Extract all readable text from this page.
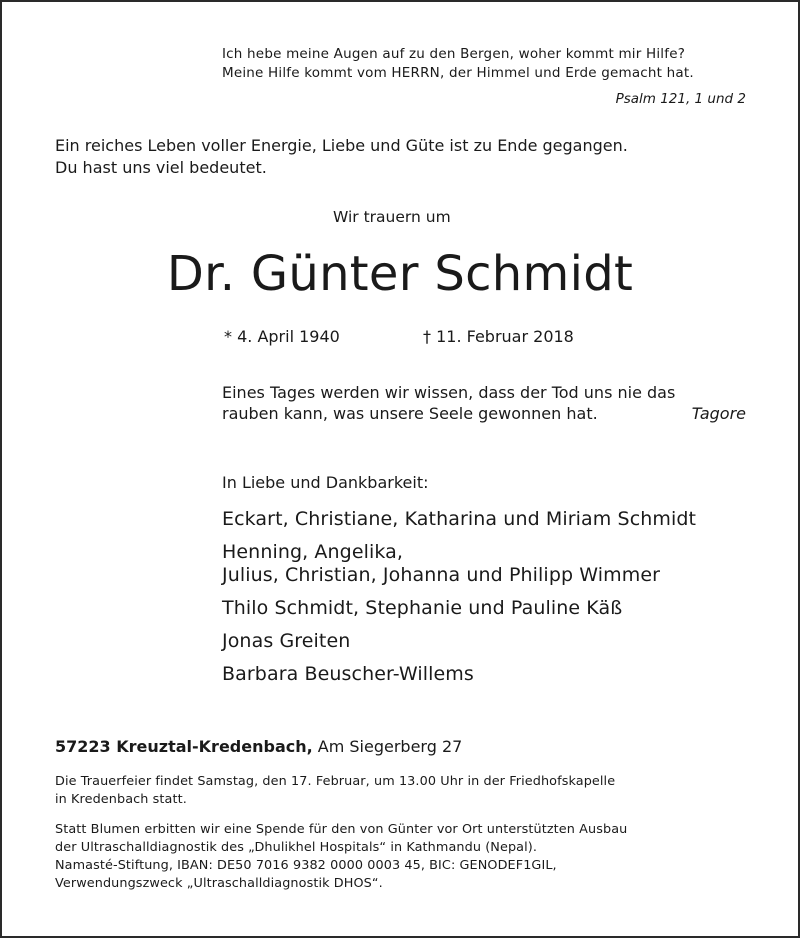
Ich hebe meine Augen auf zu den Bergen, woher kommt mir Hilfe?
Meine Hilfe kommt vom HERRN, der Himmel und Erde gemacht hat.
Psalm 121, 1 und 2
Ein reiches Leben voller Energie, Liebe und Güte ist zu Ende gegangen.
Du hast uns viel bedeutet.
Wir trauern um
Dr. Günter Schmidt
* 4. April 1940	† 11. Februar 2018
Eines Tages werden wir wissen, dass der Tod uns nie das
rauben kann, was unsere Seele gewonnen hat.	Tagore
In Liebe und Dankbarkeit:
Eckart, Christiane, Katharina und Miriam Schmidt
Henning, Angelika,
Julius, Christian, Johanna und Philipp Wimmer
Thilo Schmidt, Stephanie und Pauline Käß
Jonas Greiten
Barbara Beuscher-Willems
57223 Kreuztal-Kredenbach, Am Siegerberg 27
Die Trauerfeier findet Samstag, den 17. Februar, um 13.00 Uhr in der Friedhofskapelle
in Kredenbach statt.
Statt Blumen erbitten wir eine Spende für den von Günter vor Ort unterstützten Ausbau
der Ultraschalldiagnostik des „Dhulikhel Hospitals“ in Kathmandu (Nepal).
Namasté-Stiftung, IBAN: DE50 7016 9382 0000 0003 45, BIC: GENODEF1GIL,
Verwendungszweck „Ultraschalldiagnostik DHOS“.
